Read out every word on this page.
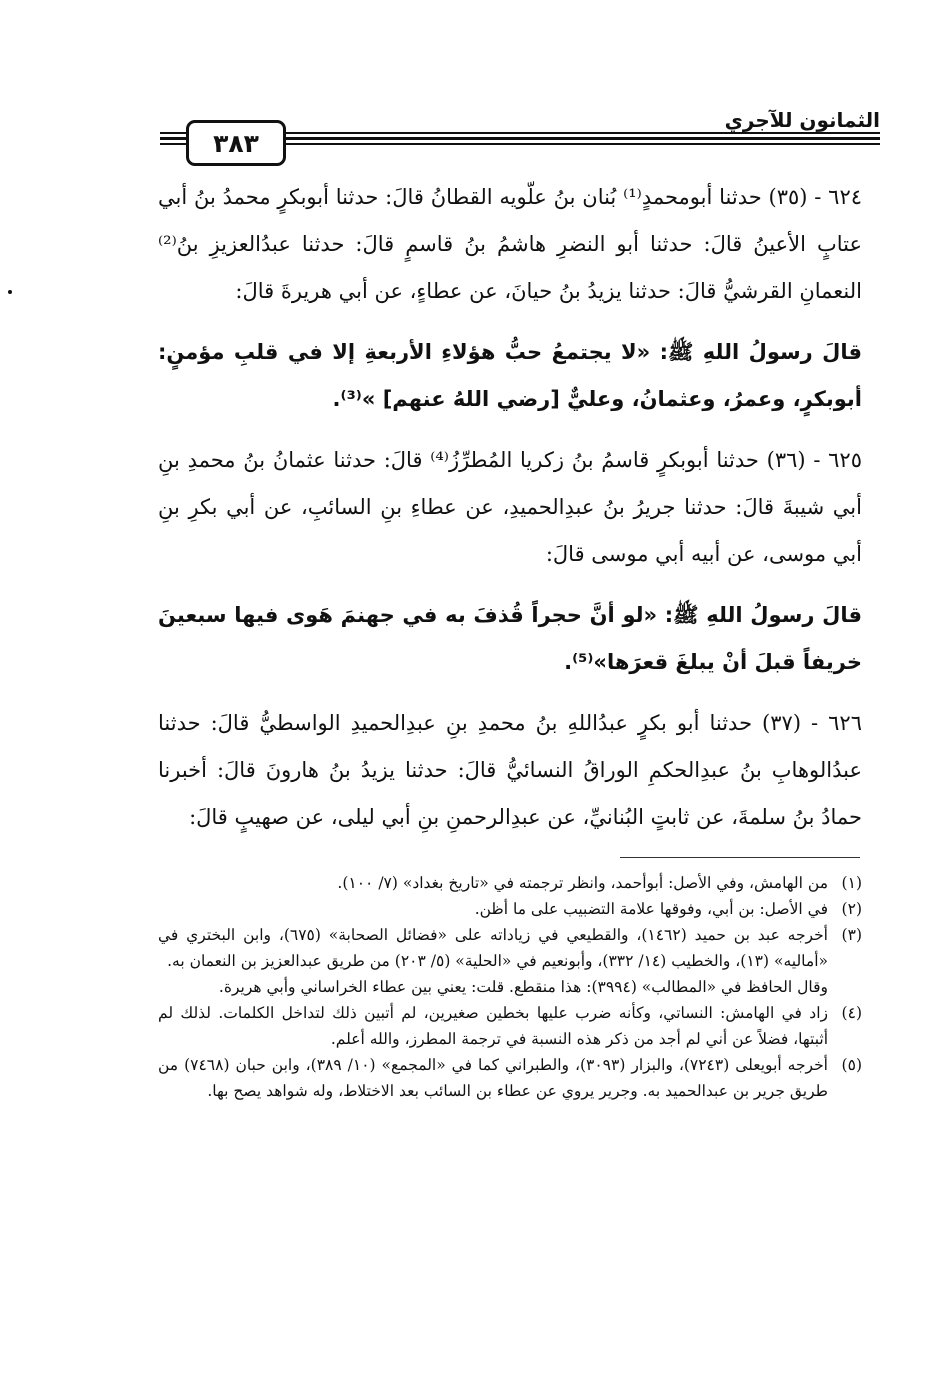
٣٨٣
الثمانون للآجري

٦٢٤ - (٣٥) حدثنا أبومحمدٍ⁽¹⁾ بُنان بنُ علّويه القطانُ قالَ: حدثنا أبوبكرٍ محمدُ بنُ أبي عتابٍ الأعينُ قالَ: حدثنا أبو النضرِ هاشمُ بنُ قاسمٍ قالَ: حدثنا عبدُالعزيزِ بنُ⁽²⁾ النعمانِ القرشيُّ قالَ: حدثنا يزيدُ بنُ حيانَ، عن عطاءٍ، عن أبي هريرةَ قالَ:

قالَ رسولُ اللهِ ﷺ: «لا يجتمعُ حبُّ هؤلاءِ الأربعةِ إلا في قلبِ مؤمنٍ: أبوبكرٍ، وعمرُ، وعثمانُ، وعليٌّ [رضي اللهُ عنهم] »⁽³⁾.

٦٢٥ - (٣٦) حدثنا أبوبكرٍ قاسمُ بنُ زكريا المُطرِّزُ⁽⁴⁾ قالَ: حدثنا عثمانُ بنُ محمدِ بنِ أبي شيبةَ قالَ: حدثنا جريرُ بنُ عبدِالحميدِ، عن عطاءِ بنِ السائبِ، عن أبي بكرِ بنِ أبي موسى، عن أبيه أبي موسى قالَ:

قالَ رسولُ اللهِ ﷺ: «لو أنَّ حجراً قُذفَ به في جهنمَ هَوى فيها سبعينَ خريفاً قبلَ أنْ يبلغَ قعرَها»⁽⁵⁾.

٦٢٦ - (٣٧) حدثنا أبو بكرٍ عبدُاللهِ بنُ محمدِ بنِ عبدِالحميدِ الواسطيُّ قالَ: حدثنا عبدُالوهابِ بنُ عبدِالحكمِ الوراقُ النسائيُّ قالَ: حدثنا يزيدُ بنُ هارونَ قالَ: أخبرنا حمادُ بنُ سلمةَ، عن ثابتٍ البُنانيِّ، عن عبدِالرحمنِ بنِ أبي ليلى، عن صهيبٍ قالَ:

(١)
من الهامش، وفي الأصل: أبوأحمد، وانظر ترجمته في «تاريخ بغداد» (٧/ ١٠٠).

(٢)
في الأصل: بن أبي، وفوقها علامة التضبيب على ما أظن.

(٣)
أخرجه عبد بن حميد (١٤٦٢)، والقطيعي في زياداته على «فضائل الصحابة» (٦٧٥)، وابن البختري في «أماليه» (١٣)، والخطيب (١٤/ ٣٣٢)، وأبونعيم في «الحلية» (٥/ ٢٠٣) من طريق عبدالعزيز بن النعمان به.

وقال الحافظ في «المطالب» (٣٩٩٤): هذا منقطع. قلت: يعني بين عطاء الخراساني وأبي هريرة.

(٤)
زاد في الهامش: النساتي، وكأنه ضرب عليها بخطين صغيرين، لم أتبين ذلك لتداخل الكلمات. لذلك لم أثبتها، فضلاً عن أني لم أجد من ذكر هذه النسبة في ترجمة المطرز، والله أعلم.

(٥)
أخرجه أبويعلى (٧٢٤٣)، والبزار (٣٠٩٣)، والطبراني كما في «المجمع» (١٠/ ٣٨٩)، وابن حبان (٧٤٦٨) من طريق جرير بن عبدالحميد به. وجرير يروي عن عطاء بن السائب بعد الاختلاط، وله شواهد يصح بها.
